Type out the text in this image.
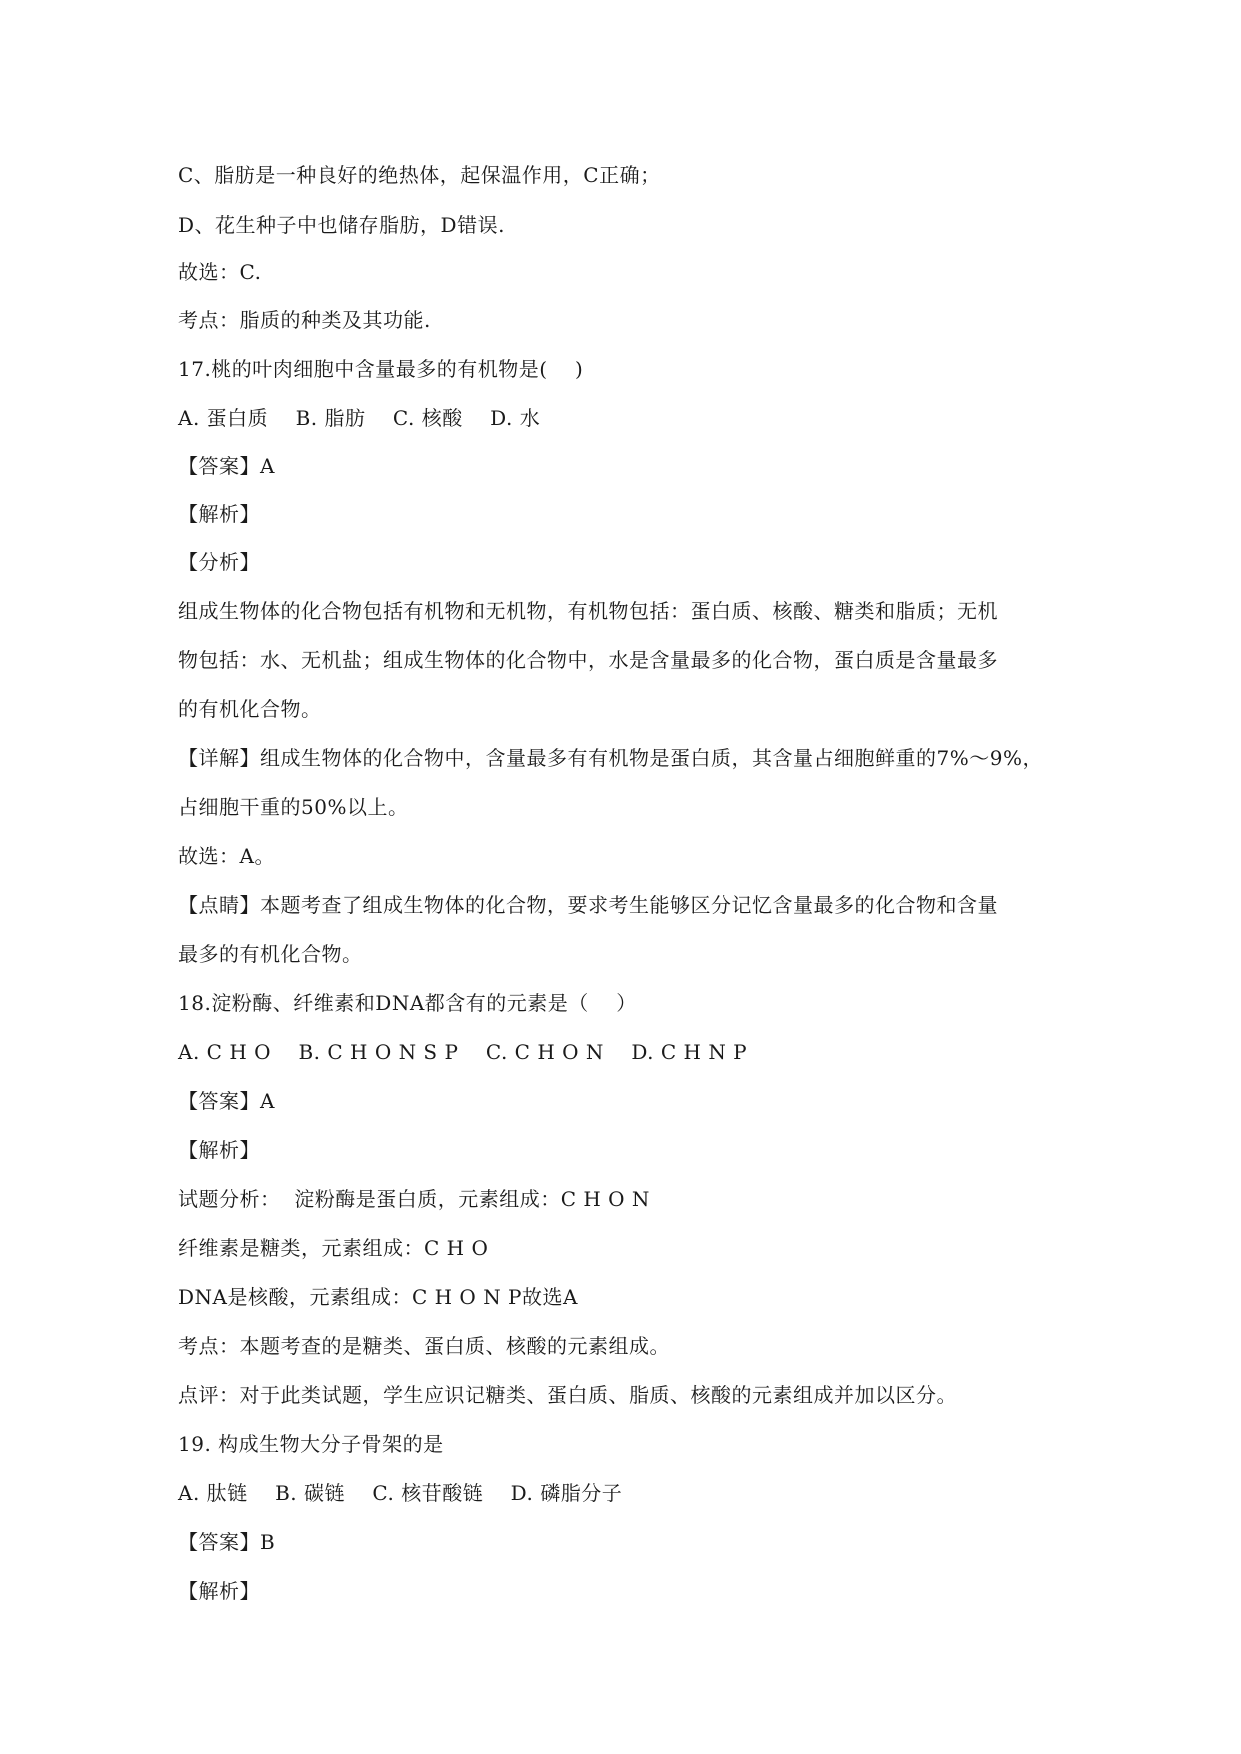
C、脂肪是一种良好的绝热体，起保温作用，C正确；
D、花生种子中也储存脂肪，D错误.
故选：C.
考点：脂质的种类及其功能.
17.桃的叶肉细胞中含量最多的有机物是(    )
A. 蛋白质    B. 脂肪    C. 核酸    D. 水
【答案】A
【解析】
【分析】
组成生物体的化合物包括有机物和无机物，有机物包括：蛋白质、核酸、糖类和脂质；无机
物包括：水、无机盐；组成生物体的化合物中，水是含量最多的化合物，蛋白质是含量最多
的有机化合物。
【详解】组成生物体的化合物中，含量最多有有机物是蛋白质，其含量占细胞鲜重的7%～9%，
占细胞干重的50%以上。
故选：A。
【点睛】本题考查了组成生物体的化合物，要求考生能够区分记忆含量最多的化合物和含量
最多的有机化合物。
18.淀粉酶、纤维素和DNA都含有的元素是（    ）
A. C H O    B. C H O N S P    C. C H O N    D. C H N P
【答案】A
【解析】
试题分析：  淀粉酶是蛋白质，元素组成：C H O N
纤维素是糖类，元素组成：C H O
DNA是核酸，元素组成：C H O N P故选A
考点：本题考查的是糖类、蛋白质、核酸的元素组成。
点评：对于此类试题，学生应识记糖类、蛋白质、脂质、核酸的元素组成并加以区分。
19. 构成生物大分子骨架的是
A. 肽链    B. 碳链    C. 核苷酸链    D. 磷脂分子
【答案】B
【解析】
